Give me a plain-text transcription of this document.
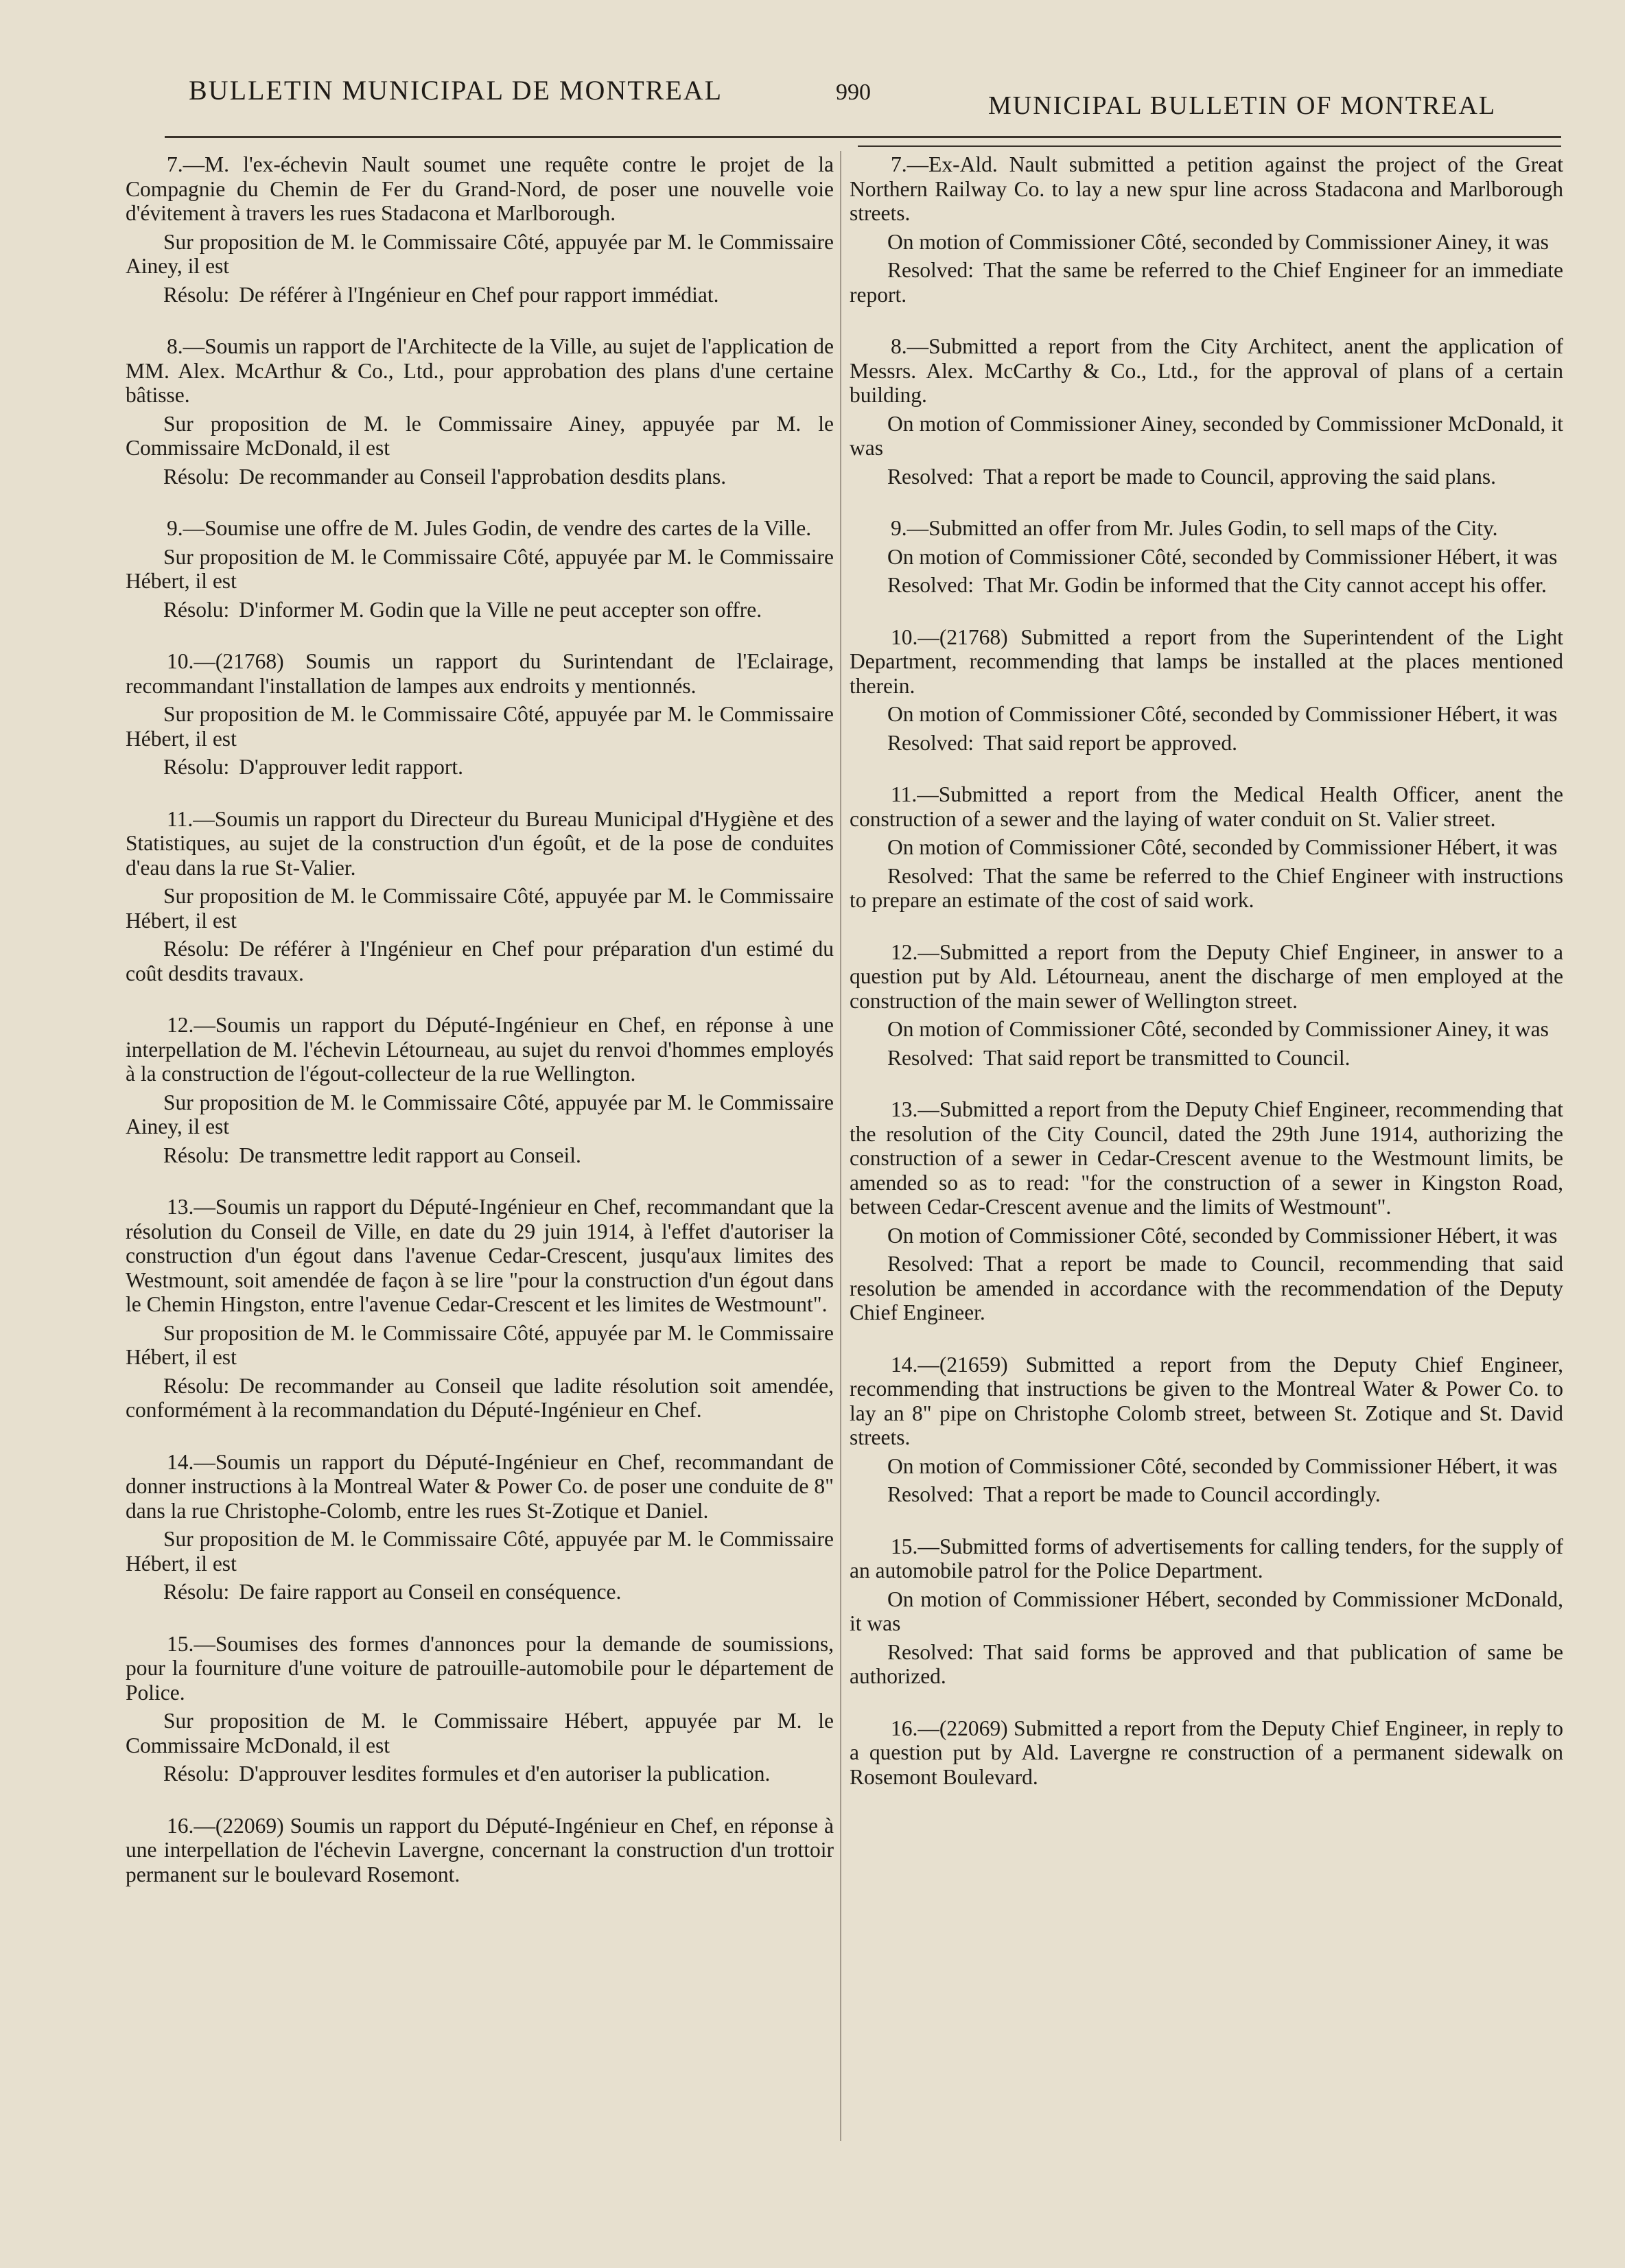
BULLETIN MUNICIPAL DE MONTREAL	990	MUNICIPAL BULLETIN OF MONTREAL

7.—M. l'ex-échevin Nault soumet une requête contre le projet de la Compagnie du Chemin de Fer du Grand-Nord, de poser une nouvelle voie d'évitement à travers les rues Stadacona et Marlborough.

Sur proposition de M. le Commissaire Côté, appuyée par M. le Commissaire Ainey, il est

Résolu: De référer à l'Ingénieur en Chef pour rapport immédiat.

8.—Soumis un rapport de l'Architecte de la Ville, au sujet de l'application de MM. Alex. McArthur & Co., Ltd., pour approbation des plans d'une certaine bâtisse.

Sur proposition de M. le Commissaire Ainey, appuyée par M. le Commissaire McDonald, il est

Résolu: De recommander au Conseil l'approbation desdits plans.

9.—Soumise une offre de M. Jules Godin, de vendre des cartes de la Ville.

Sur proposition de M. le Commissaire Côté, appuyée par M. le Commissaire Hébert, il est

Résolu: D'informer M. Godin que la Ville ne peut accepter son offre.

10.—(21768) Soumis un rapport du Surintendant de l'Eclairage, recommandant l'installation de lampes aux endroits y mentionnés.

Sur proposition de M. le Commissaire Côté, appuyée par M. le Commissaire Hébert, il est

Résolu: D'approuver ledit rapport.

11.—Soumis un rapport du Directeur du Bureau Municipal d'Hygiène et des Statistiques, au sujet de la construction d'un égoût, et de la pose de conduites d'eau dans la rue St-Valier.

Sur proposition de M. le Commissaire Côté, appuyée par M. le Commissaire Hébert, il est

Résolu: De référer à l'Ingénieur en Chef pour préparation d'un estimé du coût desdits travaux.

12.—Soumis un rapport du Député-Ingénieur en Chef, en réponse à une interpellation de M. l'échevin Létourneau, au sujet du renvoi d'hommes employés à la construction de l'égout-collecteur de la rue Wellington.

Sur proposition de M. le Commissaire Côté, appuyée par M. le Commissaire Ainey, il est

Résolu: De transmettre ledit rapport au Conseil.

13.—Soumis un rapport du Député-Ingénieur en Chef, recommandant que la résolution du Conseil de Ville, en date du 29 juin 1914, à l'effet d'autoriser la construction d'un égout dans l'avenue Cedar-Crescent, jusqu'aux limites des Westmount, soit amendée de façon à se lire "pour la construction d'un égout dans le Chemin Hingston, entre l'avenue Cedar-Crescent et les limites de Westmount".

Sur proposition de M. le Commissaire Côté, appuyée par M. le Commissaire Hébert, il est

Résolu: De recommander au Conseil que ladite résolution soit amendée, conformément à la recommandation du Député-Ingénieur en Chef.

14.—Soumis un rapport du Député-Ingénieur en Chef, recommandant de donner instructions à la Montreal Water & Power Co. de poser une conduite de 8" dans la rue Christophe-Colomb, entre les rues St-Zotique et Daniel.

Sur proposition de M. le Commissaire Côté, appuyée par M. le Commissaire Hébert, il est

Résolu: De faire rapport au Conseil en conséquence.

15.—Soumises des formes d'annonces pour la demande de soumissions, pour la fourniture d'une voiture de patrouille-automobile pour le département de Police.

Sur proposition de M. le Commissaire Hébert, appuyée par M. le Commissaire McDonald, il est

Résolu: D'approuver lesdites formules et d'en autoriser la publication.

16.—(22069) Soumis un rapport du Député-Ingénieur en Chef, en réponse à une interpellation de l'échevin Lavergne, concernant la construction d'un trottoir permanent sur le boulevard Rosemont.

7.—Ex-Ald. Nault submitted a petition against the project of the Great Northern Railway Co. to lay a new spur line across Stadacona and Marlborough streets.

On motion of Commissioner Côté, seconded by Commissioner Ainey, it was

Resolved: That the same be referred to the Chief Engineer for an immediate report.

8.—Submitted a report from the City Architect, anent the application of Messrs. Alex. McCarthy & Co., Ltd., for the approval of plans of a certain building.

On motion of Commissioner Ainey, seconded by Commissioner McDonald, it was

Resolved: That a report be made to Council, approving the said plans.

9.—Submitted an offer from Mr. Jules Godin, to sell maps of the City.

On motion of Commissioner Côté, seconded by Commissioner Hébert, it was

Resolved: That Mr. Godin be informed that the City cannot accept his offer.

10.—(21768) Submitted a report from the Superintendent of the Light Department, recommending that lamps be installed at the places mentioned therein.

On motion of Commissioner Côté, seconded by Commissioner Hébert, it was

Resolved: That said report be approved.

11.—Submitted a report from the Medical Health Officer, anent the construction of a sewer and the laying of water conduit on St. Valier street.

On motion of Commissioner Côté, seconded by Commissioner Hébert, it was

Resolved: That the same be referred to the Chief Engineer with instructions to prepare an estimate of the cost of said work.

12.—Submitted a report from the Deputy Chief Engineer, in answer to a question put by Ald. Létourneau, anent the discharge of men employed at the construction of the main sewer of Wellington street.

On motion of Commissioner Côté, seconded by Commissioner Ainey, it was

Resolved: That said report be transmitted to Council.

13.—Submitted a report from the Deputy Chief Engineer, recommending that the resolution of the City Council, dated the 29th June 1914, authorizing the construction of a sewer in Cedar-Crescent avenue to the Westmount limits, be amended so as to read: "for the construction of a sewer in Kingston Road, between Cedar-Crescent avenue and the limits of Westmount".

On motion of Commissioner Côté, seconded by Commissioner Hébert, it was

Resolved: That a report be made to Council, recommending that said resolution be amended in accordance with the recommendation of the Deputy Chief Engineer.

14.—(21659) Submitted a report from the Deputy Chief Engineer, recommending that instructions be given to the Montreal Water & Power Co. to lay an 8" pipe on Christophe Colomb street, between St. Zotique and St. David streets.

On motion of Commissioner Côté, seconded by Commissioner Hébert, it was

Resolved: That a report be made to Council accordingly.

15.—Submitted forms of advertisements for calling tenders, for the supply of an automobile patrol for the Police Department.

On motion of Commissioner Hébert, seconded by Commissioner McDonald, it was

Resolved: That said forms be approved and that publication of same be authorized.

16.—(22069) Submitted a report from the Deputy Chief Engineer, in reply to a question put by Ald. Lavergne re construction of a permanent sidewalk on Rosemont Boulevard.
